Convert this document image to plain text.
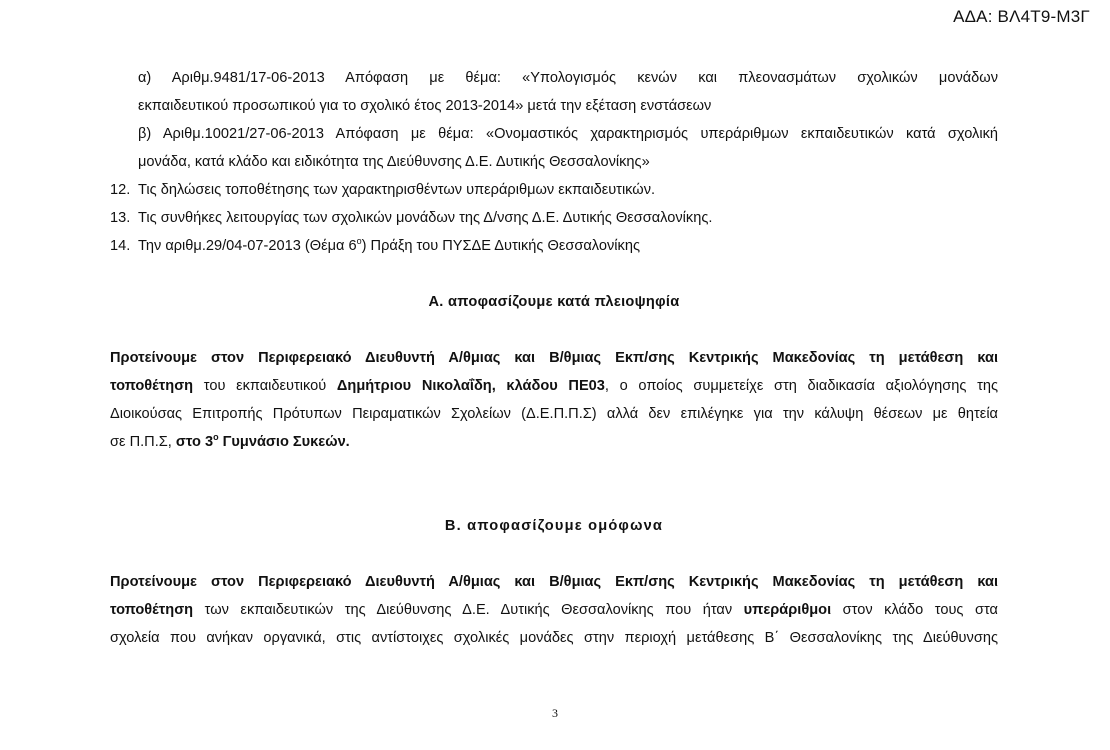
ΑΔΑ: ΒΛ4Τ9-Μ3Γ
α) Αριθμ.9481/17-06-2013 Απόφαση με θέμα: «Υπολογισμός κενών και πλεονασμάτων σχολικών μονάδων
εκπαιδευτικού προσωπικού για το σχολικό έτος 2013-2014» μετά την εξέταση ενστάσεων
β) Αριθμ.10021/27-06-2013 Απόφαση με θέμα: «Ονομαστικός χαρακτηρισμός υπεράριθμων εκπαιδευτικών κατά σχολική
μονάδα, κατά κλάδο και ειδικότητα της Διεύθυνσης Δ.Ε. Δυτικής Θεσσαλονίκης»
12. Τις δηλώσεις τοποθέτησης των χαρακτηρισθέντων υπεράριθμων εκπαιδευτικών.
13. Τις συνθήκες λειτουργίας των σχολικών μονάδων της Δ/νσης Δ.Ε. Δυτικής Θεσσαλονίκης.
14. Την αριθμ.29/04-07-2013 (Θέμα $6^o$) Πράξη του ΠΥΣΔΕ Δυτικής Θεσσαλονίκης
Α. αποφασίζουμε κατά πλειοψηφία
Προτείνουμε στον Περιφερειακό Διευθυντή Α/θμιας και Β/θμιας Εκπ/σης Κεντρικής Μακεδονίας τη μετάθεση και
τοποθέτηση του εκπαιδευτικού Δημήτριου Νικολαΐδη, κλάδου ΠΕ03, ο οποίος συμμετείχε στη διαδικασία αξιολόγησης της
Διοικούσας Επιτροπής Πρότυπων Πειραματικών Σχολείων (Δ.Ε.Π.Π.Σ) αλλά δεν επιλέγηκε για την κάλυψη θέσεων με θητεία
σε Π.Π.Σ, στο $3^o$ Γυμνάσιο Συκεών.
Β. αποφασίζουμε ομόφωνα
Προτείνουμε στον Περιφερειακό Διευθυντή Α/θμιας και Β/θμιας Εκπ/σης Κεντρικής Μακεδονίας τη μετάθεση και
τοποθέτηση των εκπαιδευτικών της Διεύθυνσης Δ.Ε. Δυτικής Θεσσαλονίκης που ήταν υπεράριθμοι στον κλάδο τους στα
σχολεία που ανήκαν οργανικά, στις αντίστοιχες σχολικές μονάδες στην περιοχή μετάθεσης Β΄ Θεσσαλονίκης της Διεύθυνσης
3
